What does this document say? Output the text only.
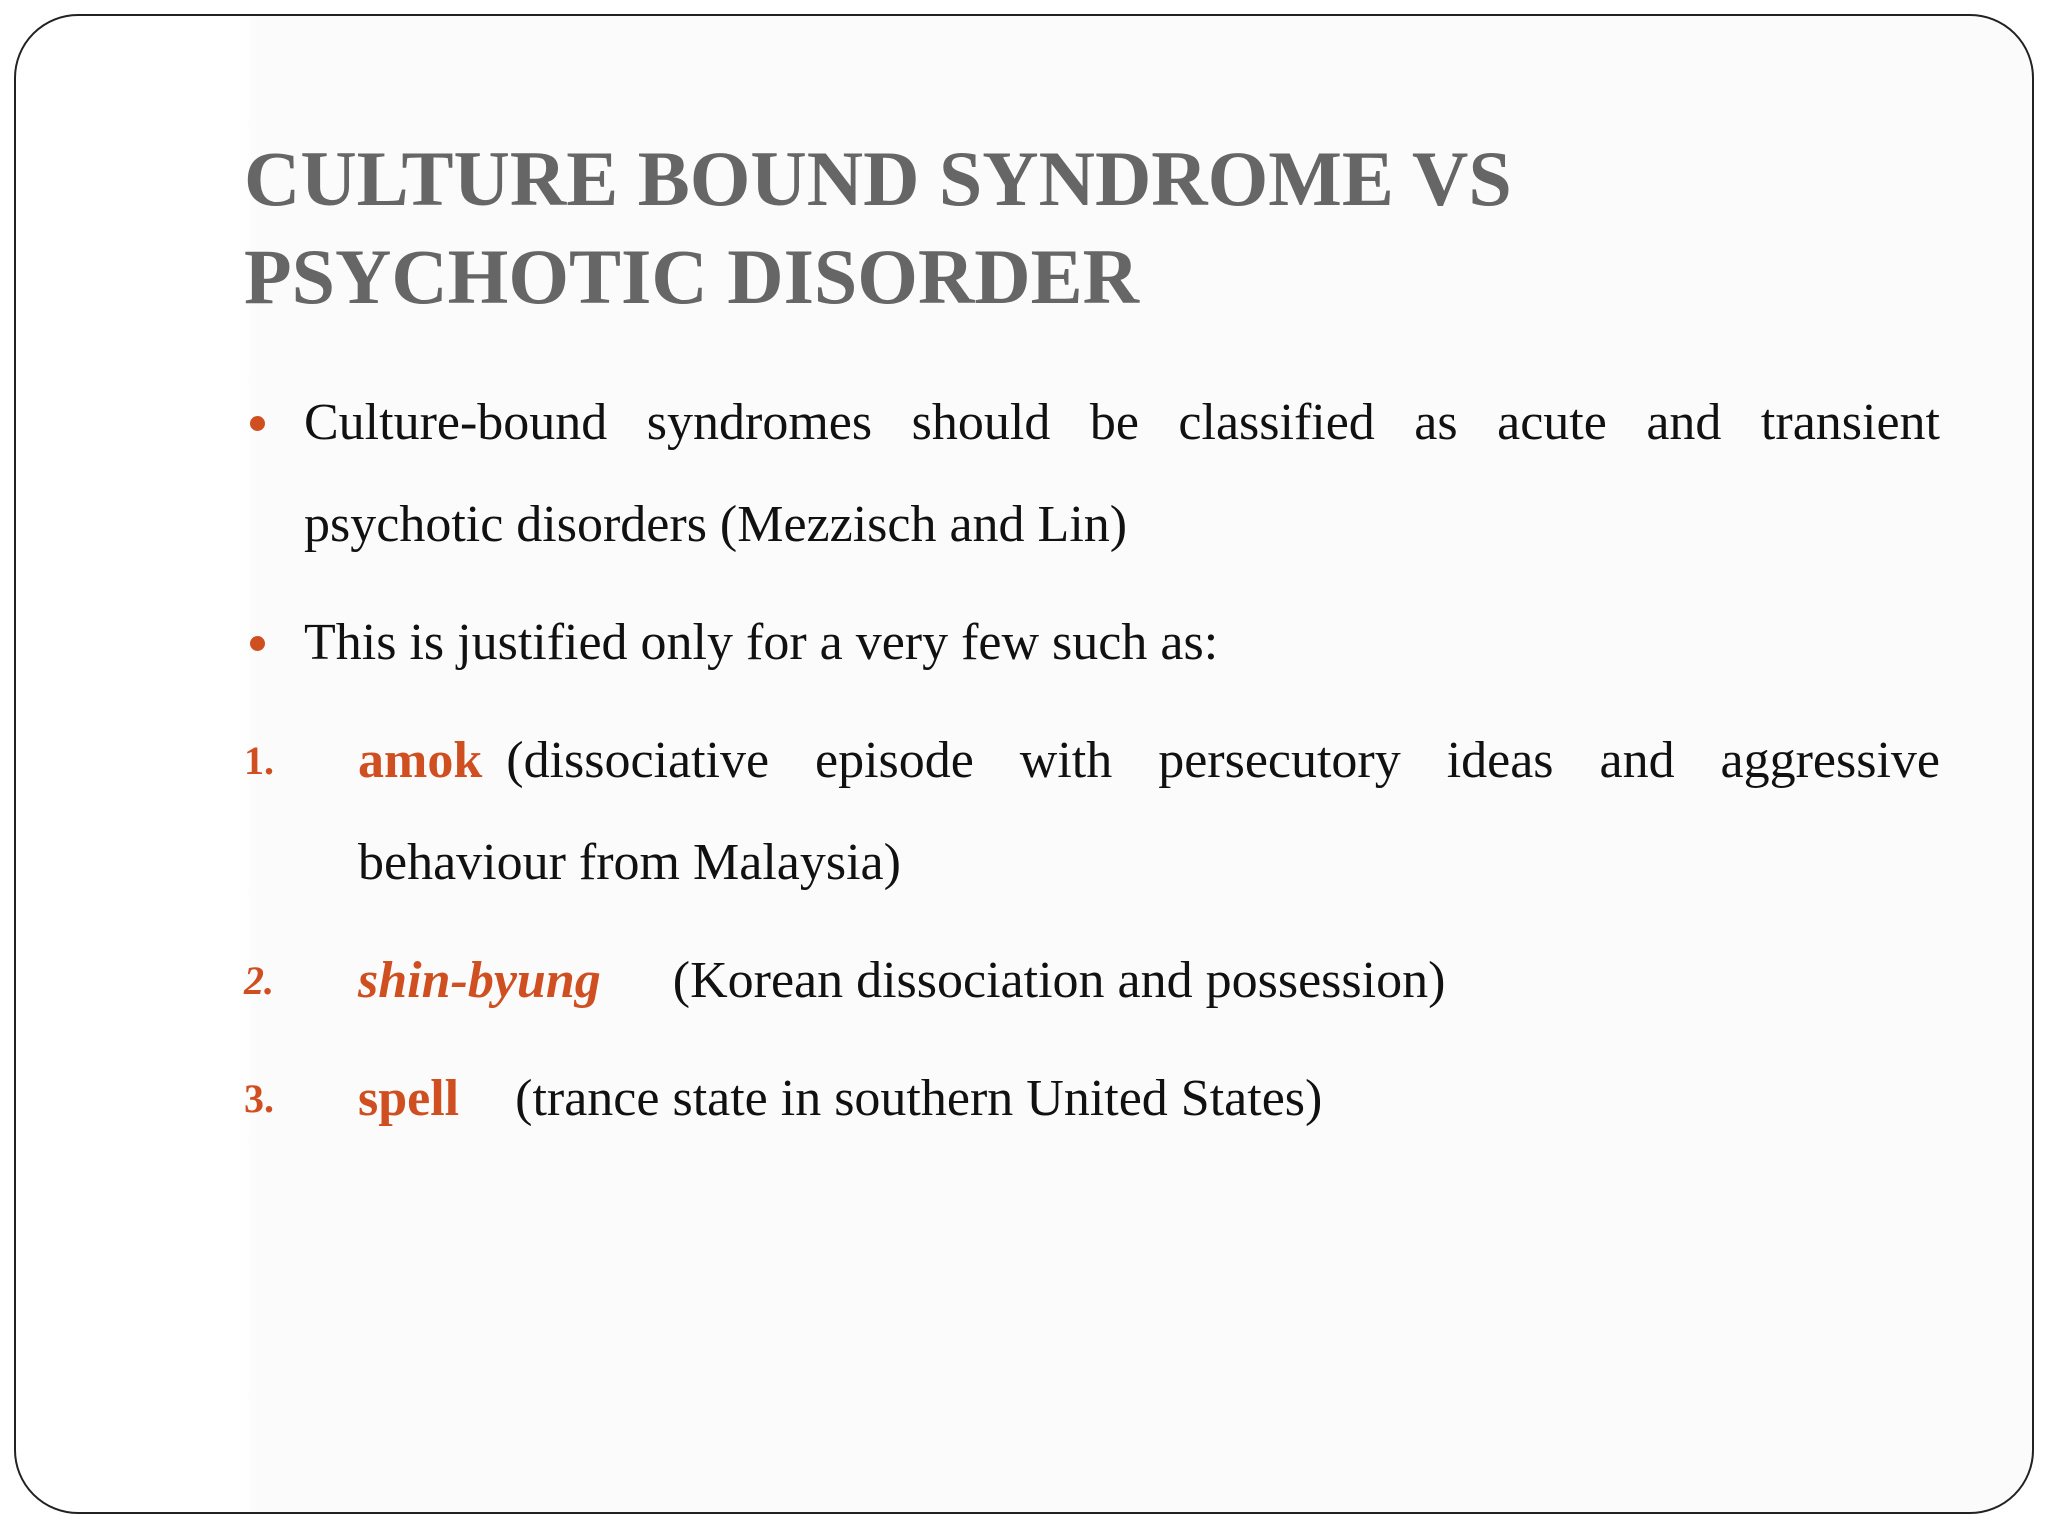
CULTURE BOUND SYNDROME VS
PSYCHOTIC DISORDER

Culture-bound syndromes should be classified as acute and transient psychotic disorders (Mezzisch and Lin)

This is justified only for a very few such as:

1. amok (dissociative episode with persecutory ideas and aggressive behaviour from Malaysia)

2. shin-byung (Korean dissociation and possession)

3. spell (trance state in southern United States)
